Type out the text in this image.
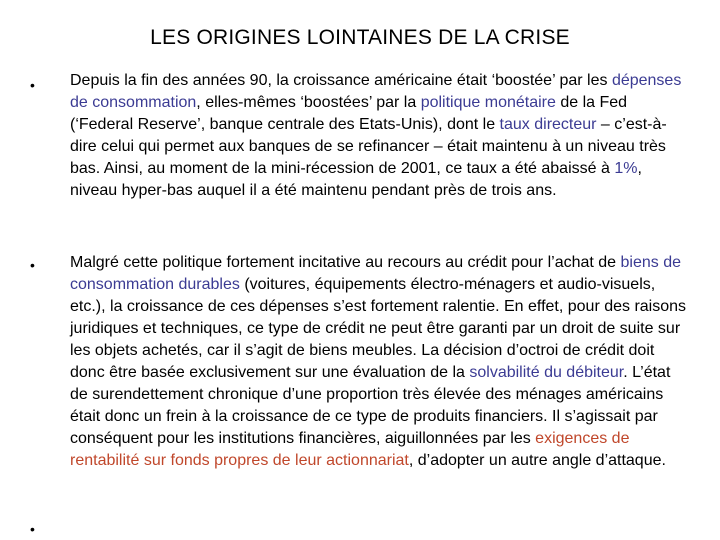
LES ORIGINES LOINTAINES DE LA CRISE
• Depuis la fin des années 90, la croissance américaine était ‘boostée’ par les dépenses de consommation, elles-mêmes ‘boostées’ par la politique monétaire de la Fed (‘Federal Reserve’, banque centrale des Etats-Unis), dont le taux directeur – c’est-à-dire celui qui permet aux banques de se refinancer – était maintenu à un niveau très bas. Ainsi, au moment de la mini-récession de 2001, ce taux a été abaissé à 1%, niveau hyper-bas auquel il a été maintenu pendant près de trois ans.
• Malgré cette politique fortement incitative au recours au crédit pour l’achat de biens de consommation durables (voitures, équipements électro-ménagers et audio-visuels, etc.), la croissance de ces dépenses s’est fortement ralentie. En effet, pour des raisons juridiques et techniques, ce type de crédit ne peut être garanti par un droit de suite sur les objets achetés, car il s’agit de biens meubles. La décision d’octroi de crédit doit donc être basée exclusivement sur une évaluation de la solvabilité du débiteur. L’état de surendettement chronique d’une proportion très élevée des ménages américains était donc un frein à la croissance de ce type de produits financiers. Il s’agissait par conséquent pour les institutions financières, aiguillonnées par les exigences de rentabilité sur fonds propres de leur actionnariat, d’adopter un autre angle d’attaque.
•
